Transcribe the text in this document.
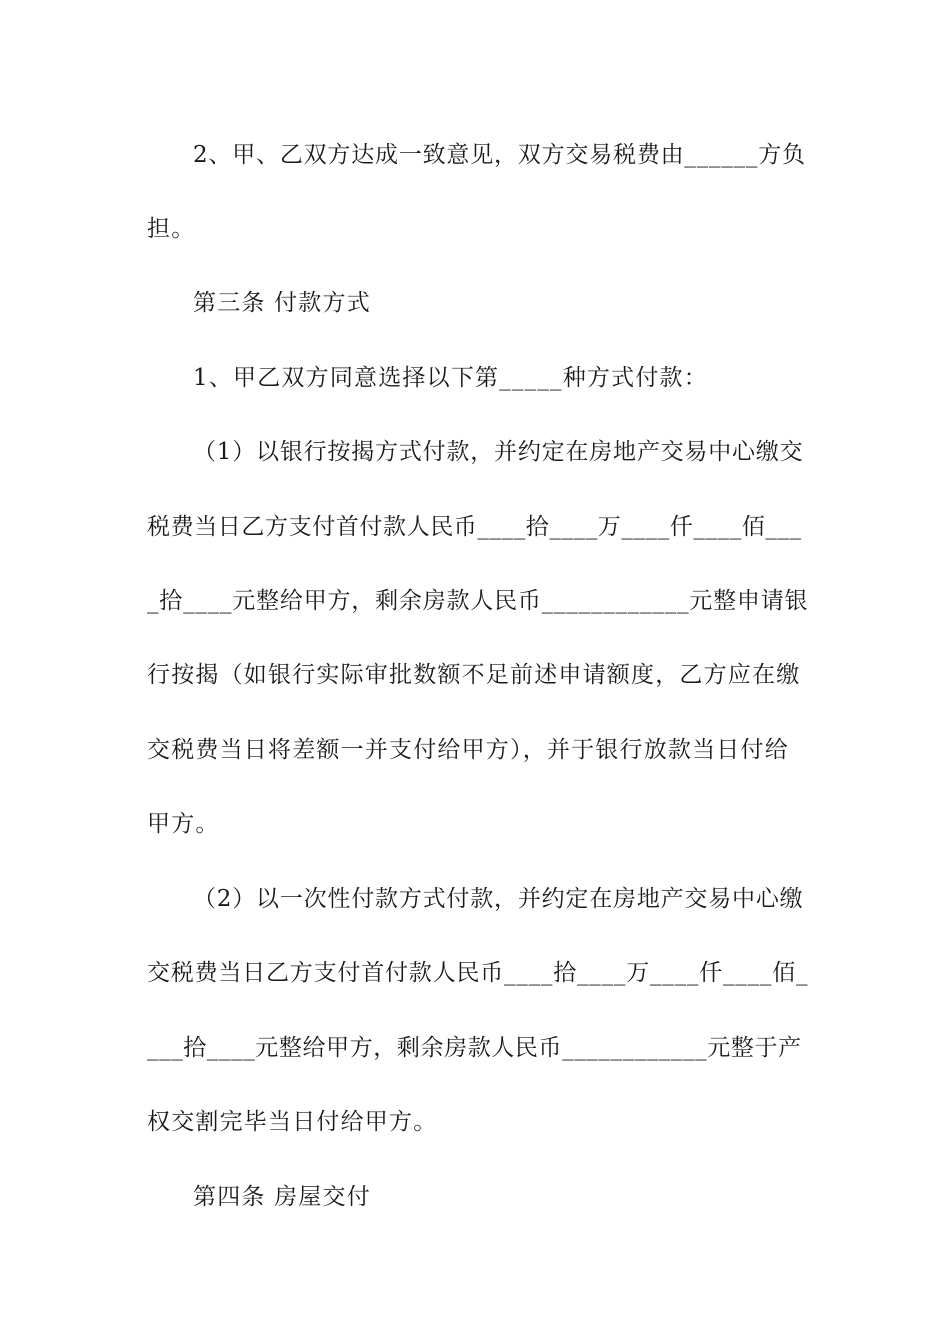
2、甲、乙双方达成一致意见，双方交易税费由______方负
担。
第三条 付款方式
1、甲乙双方同意选择以下第_____种方式付款：
（1）以银行按揭方式付款，并约定在房地产交易中心缴交
税费当日乙方支付首付款人民币____拾____万____仟____佰___
_拾____元整给甲方，剩余房款人民币____________元整申请银
行按揭（如银行实际审批数额不足前述申请额度，乙方应在缴
交税费当日将差额一并支付给甲方），并于银行放款当日付给
甲方。
（2）以一次性付款方式付款，并约定在房地产交易中心缴
交税费当日乙方支付首付款人民币____拾____万____仟____佰_
___拾____元整给甲方，剩余房款人民币____________元整于产
权交割完毕当日付给甲方。
第四条 房屋交付
